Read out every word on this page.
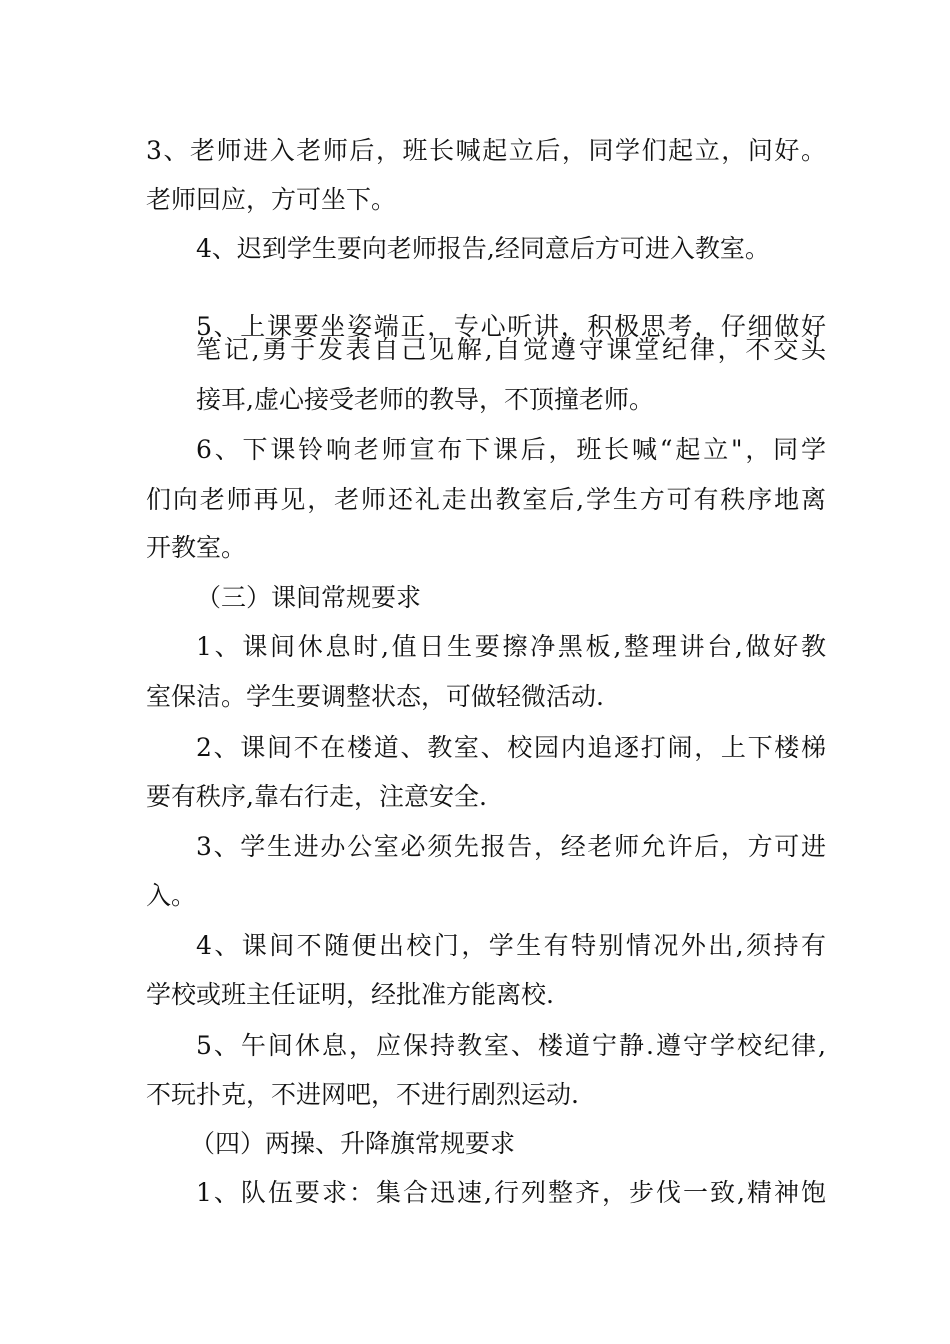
3、老师进入老师后，班长喊起立后，同学们起立，问好。
老师回应，方可坐下。
4、迟到学生要向老师报告,经同意后方可进入教室。
5、上课要坐姿端正，专心听讲，积极思考，仔细做好
笔记,勇于发表自己见解,自觉遵守课堂纪律，不交头
接耳,虚心接受老师的教导，不顶撞老师。
6、下课铃响老师宣布下课后，班长喊“起立"，同学
们向老师再见，老师还礼走出教室后,学生方可有秩序地离
开教室。
（三）课间常规要求
1、课间休息时,值日生要擦净黑板,整理讲台,做好教
室保洁。学生要调整状态，可做轻微活动.
2、课间不在楼道、教室、校园内追逐打闹，上下楼梯
要有秩序,靠右行走，注意安全.
3、学生进办公室必须先报告，经老师允许后，方可进
入。
4、课间不随便出校门，学生有特别情况外出,须持有
学校或班主任证明，经批准方能离校.
5、午间休息，应保持教室、楼道宁静.遵守学校纪律,
不玩扑克，不进网吧，不进行剧烈运动.
（四）两操、升降旗常规要求
1、队伍要求：集合迅速,行列整齐，步伐一致,精神饱
